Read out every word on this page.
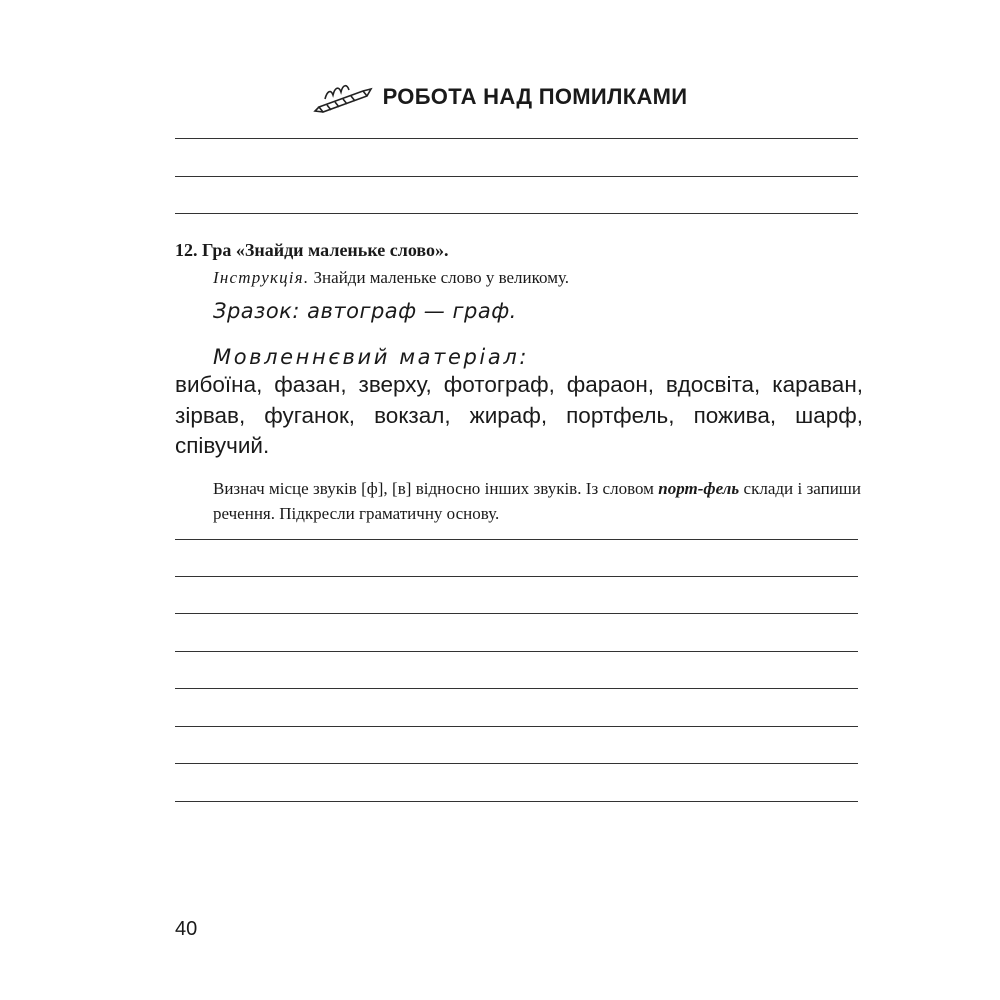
РОБОТА НАД ПОМИЛКАМИ

12. Гра «Знайди маленьке слово».

Інструкція. Знайди маленьке слово у великому.

Зразок: автограф — граф.

Мовленнєвий матеріал:

вибоїна, фазан, зверху, фотограф, фараон, вдосвіта, караван, зірвав, фуганок, вокзал, жираф, портфель, пожива, шарф, співучий.

Визнач місце звуків [ф], [в] відносно інших звуків. Із словом порт-фель склади і запиши речення. Підкресли граматичну основу.

40
